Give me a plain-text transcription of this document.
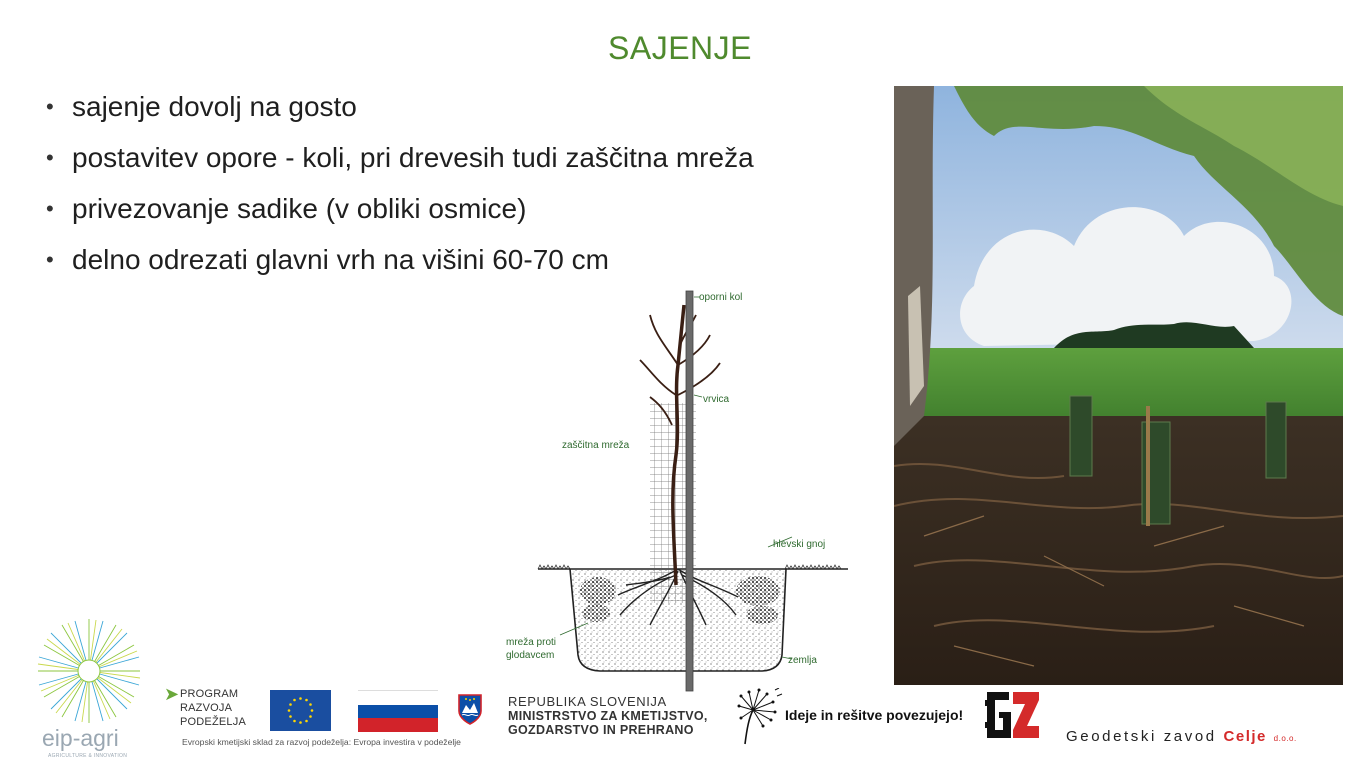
SAJENJE
• sajenje dovolj na gosto
• postavitev opore - koli, pri drevesih tudi zaščitna mreža
• privezovanje sadike (v obliki osmice)
• delno odrezati glavni vrh na višini 60-70 cm
oporni kol
vrvica
zaščitna mreža
hlevski gnoj
mreža proti
glodavcem	zemlja
eip-agri
AGRICULTURE & INNOVATION
➤ PROGRAM
RAZVOJA
PODEŽELJA
Evropski kmetijski sklad za razvoj podeželja: Evropa investira v podeželje
REPUBLIKA SLOVENIJA
MINISTRSTVO ZA KMETIJSTVO,
GOZDARSTVO IN PREHRANO
Ideje in rešitve povezujejo!
Geodetski zavod Celje d.o.o.
